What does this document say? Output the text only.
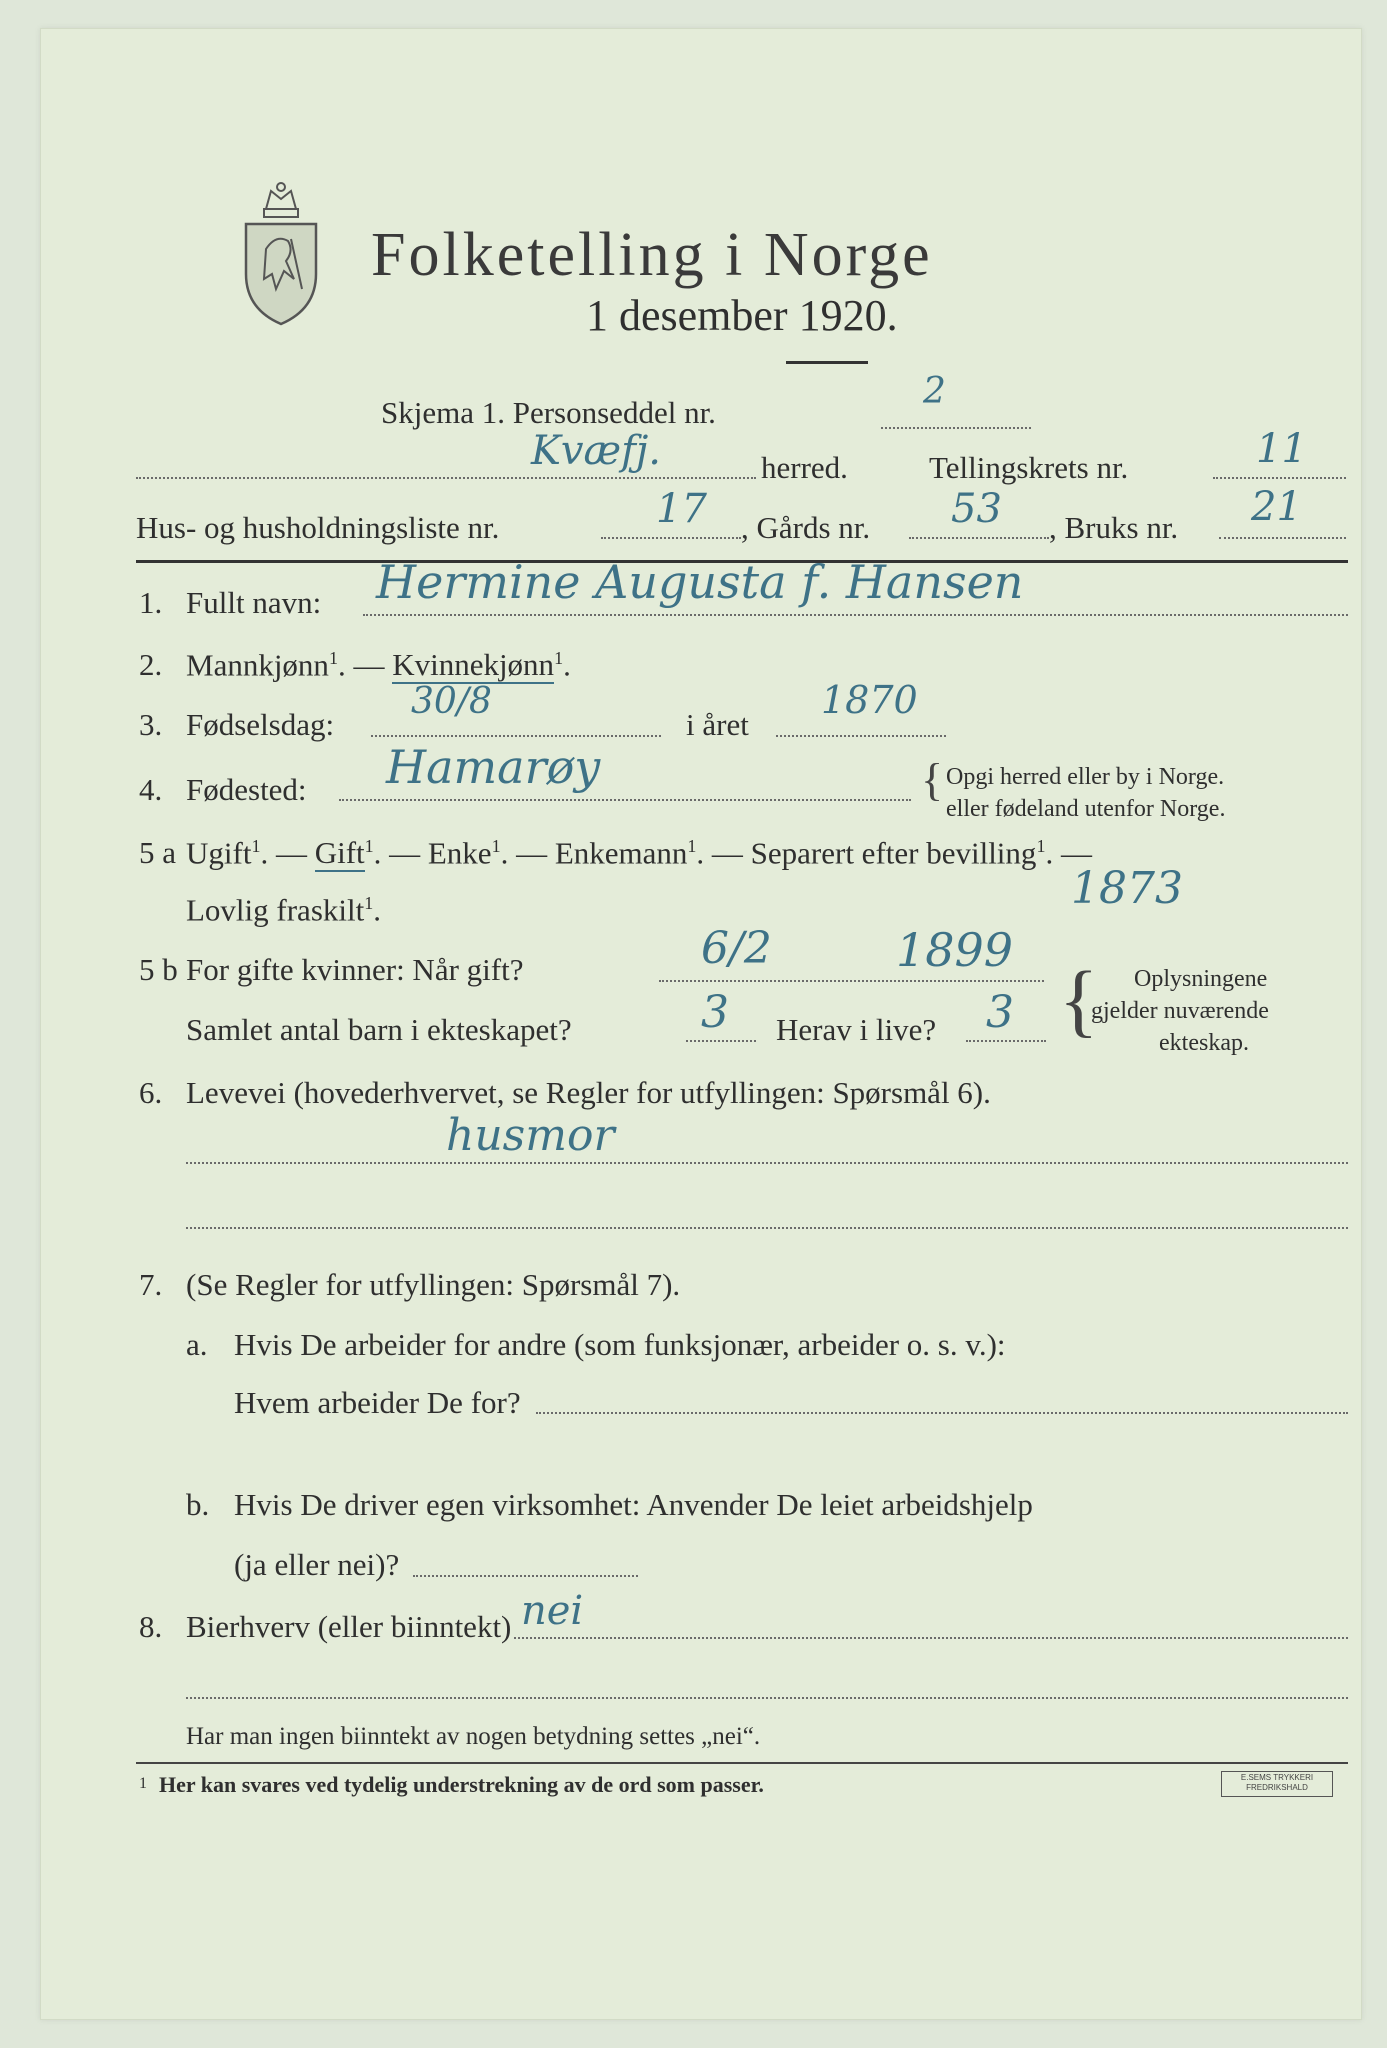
Folketelling i Norge
1 desember 1920.
Skjema 1. Personseddel nr.
2
Kvæfj.	herred.	Tellingskrets nr.	11
Hus- og husholdningsliste nr.	17 , Gårds nr. 53 , Bruks nr. 21
1. Fullt navn: Hermine Augusta f. Hansen
2. Mannkjønn$^1$. — Kvinnekjønn$^1$.
3. Fødselsdag:
30/8
i året
1870
4. Fødested: Hamarøy	{ Opgi herred eller by i Norge.
eller fødeland utenfor Norge.
5 a Ugift$^1$. — Gift$^1$. — Enke$^1$. — Enkemann$^1$. — Separert efter bevilling$^1$. —
Lovlig fraskilt$^1$.	1873
5 b For gifte kvinner: Når gift?	6/2	1899
Samlet antal barn i ekteskapet?	3 Herav i live? 3 { Oplysningene
gjelder nuværende
ekteskap.
6. Levevei (hovederhvervet, se Regler for utfyllingen: Spørsmål 6).
husmor
7. (Se Regler for utfyllingen: Spørsmål 7).
a. Hvis De arbeider for andre (som funksjonær, arbeider o. s. v.):
Hvem arbeider De for?
b. Hvis De driver egen virksomhet: Anvender De leiet arbeidshjelp
(ja eller nei)?
8. Bierhverv (eller biinntekt) nei
Har man ingen biinntekt av nogen betydning settes „nei“.
1 Her kan svares ved tydelig understrekning av de ord som passer.	E.SEMS TRYKKERI
FREDRIKSHALD
